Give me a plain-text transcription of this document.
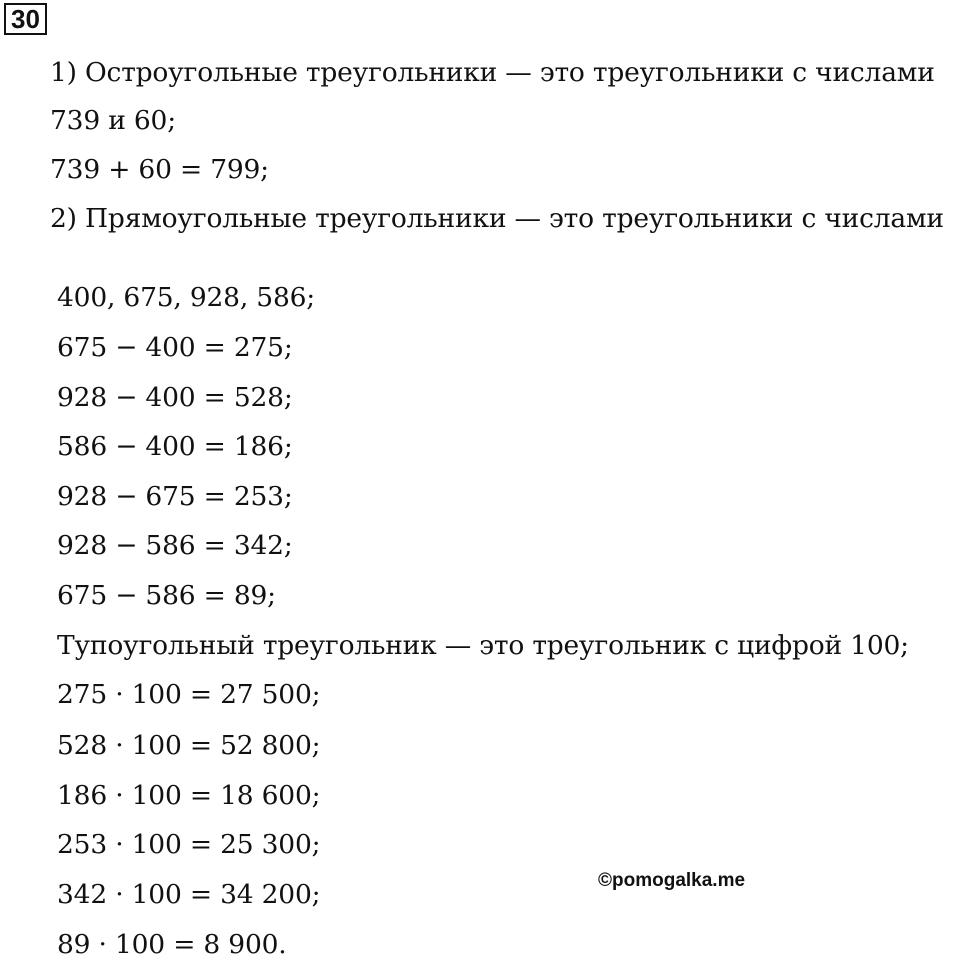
30
1) Остроугольные треугольники — это треугольники с числами
739 и 60;
739 + 60 = 799;
2) Прямоугольные треугольники — это треугольники с числами
400, 675, 928, 586;
675 − 400 = 275;
928 − 400 = 528;
586 − 400 = 186;
928 − 675 = 253;
928 − 586 = 342;
675 − 586 = 89;
Тупоугольный треугольник — это треугольник с цифрой 100;
275 · 100 = 27 500;
528 · 100 = 52 800;
186 · 100 = 18 600;
253 · 100 = 25 300;
342 · 100 = 34 200;
89 · 100 = 8 900.
©pomogalka.me
